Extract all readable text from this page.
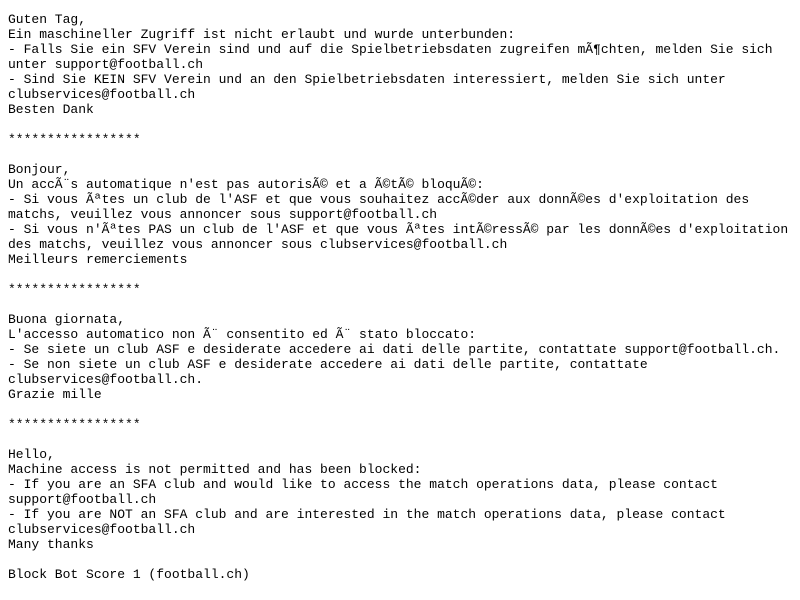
Guten Tag,
Ein maschineller Zugriff ist nicht erlaubt und wurde unterbunden:
- Falls Sie ein SFV Verein sind und auf die Spielbetriebsdaten zugreifen mÃ¶chten, melden Sie sich
unter support@football.ch
- Sind Sie KEIN SFV Verein und an den Spielbetriebsdaten interessiert, melden Sie sich unter
clubservices@football.ch
Besten Dank
*****************
Bonjour,
Un accÃ¨s automatique n'est pas autorisÃ© et a Ã©tÃ© bloquÃ©:
- Si vous Ãªtes un club de l'ASF et que vous souhaitez accÃ©der aux donnÃ©es d'exploitation des
matchs, veuillez vous annoncer sous support@football.ch
- Si vous n'Ãªtes PAS un club de l'ASF et que vous Ãªtes intÃ©ressÃ© par les donnÃ©es d'exploitation
des matchs, veuillez vous annoncer sous clubservices@football.ch
Meilleurs remerciements
*****************
Buona giornata,
L'accesso automatico non Ã¨ consentito ed Ã¨ stato bloccato:
- Se siete un club ASF e desiderate accedere ai dati delle partite, contattate support@football.ch.
- Se non siete un club ASF e desiderate accedere ai dati delle partite, contattate
clubservices@football.ch.
Grazie mille
*****************
Hello,
Machine access is not permitted and has been blocked:
- If you are an SFA club and would like to access the match operations data, please contact
support@football.ch
- If you are NOT an SFA club and are interested in the match operations data, please contact
clubservices@football.ch
Many thanks
Block Bot Score 1 (football.ch)
